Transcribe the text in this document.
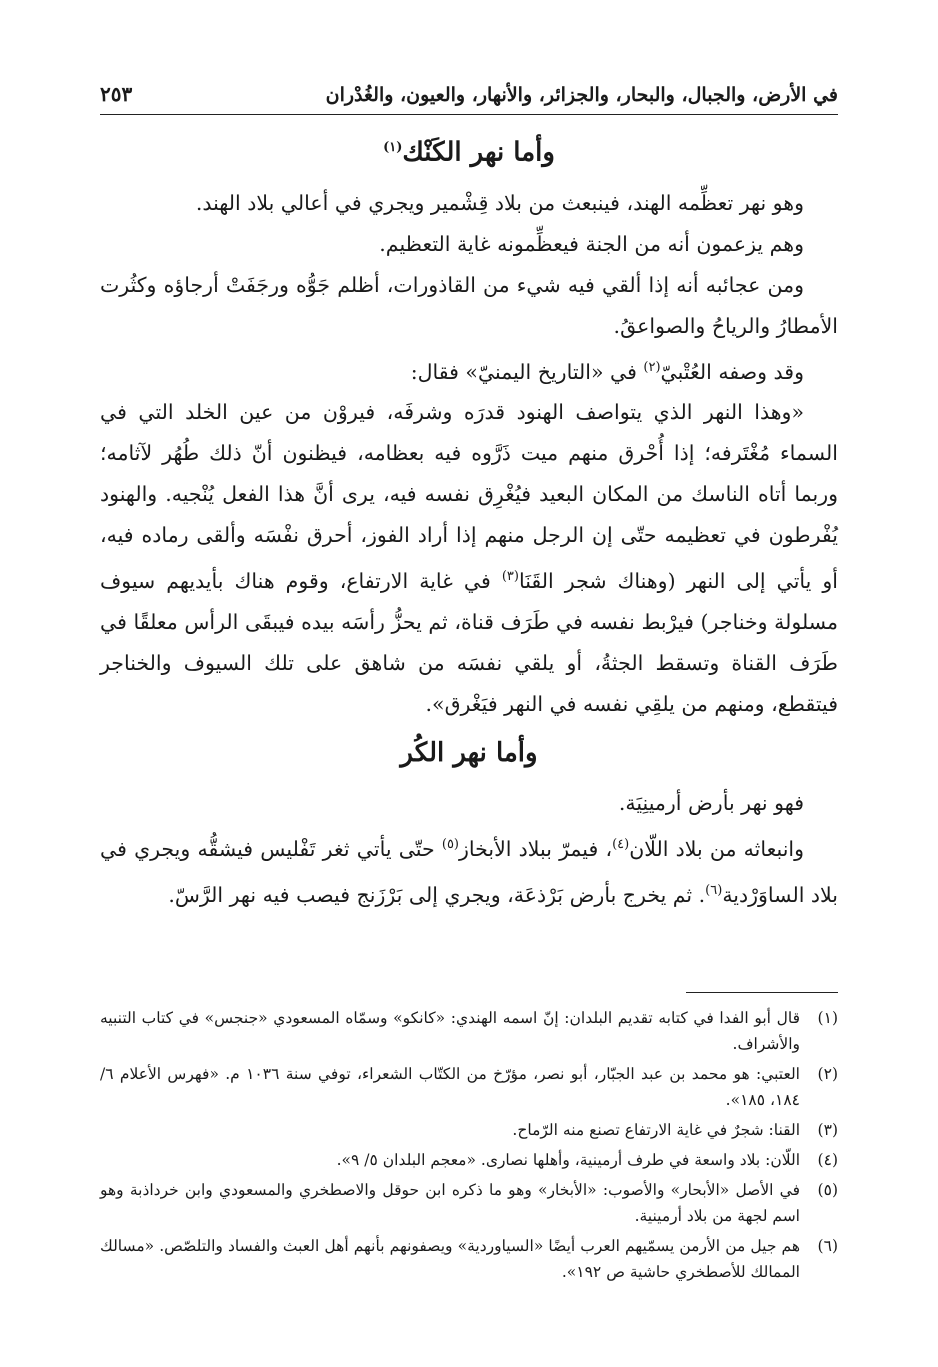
في الأرض، والجبال، والبحار، والجزائر، والأنهار، والعيون، والغُدْران
٢٥٣
وأما نهر الكَنْك$^{(١)}$

وهو نهر تعظِّمه الهند، فينبعث من بلاد قِشْمير ويجري في أعالي بلاد الهند.

وهم يزعمون أنه من الجنة فيعظِّمونه غاية التعظيم.

ومن عجائبه أنه إذا ألقي فيه شيء من القاذورات، أظلم جَوُّه ورجَفَتْ أرجاؤه وكثُرت الأمطارُ والرياحُ والصواعقُ.

وقد وصفه العُتْبيّ$^{(٢)}$ في «التاريخ اليمنيّ» فقال:

«وهذا النهر الذي يتواصف الهنود قدرَه وشرفَه، فيروْن من عين الخلد التي في السماء مُغْتَرفه؛ إذا أُحْرق منهم ميت ذَرَّوه فيه بعظامه، فيظنون أنّ ذلك طُهُر لآثامه؛ وربما أتاه الناسك من المكان البعيد فيُغْرِق نفسه فيه، يرى أنَّ هذا الفعل يُنْجيه. والهنود يُفْرطون في تعظيمه حتّى إن الرجل منهم إذا أراد الفوز، أحرق نفْسَه وألقى رماده فيه، أو يأتي إلى النهر (وهناك شجر القَنَا$^{(٣)}$ في غاية الارتفاع، وقوم هناك بأيديهم سيوف مسلولة وخناجر) فيرْبط نفسه في طَرَف قناة، ثم يحزُّ رأسَه بيده فيبقَى الرأس معلقًا في طَرَف القناة وتسقط الجثةُ، أو يلقي نفسَه من شاهق على تلك السيوف والخناجر فيتقطع، ومنهم من يلقِي نفسه في النهر فيَغْرق».

وأما نهر الكُر

فهو نهر بأرض أرمينِيَة.

وانبعاثه من بلاد اللّان$^{(٤)}$، فيمرّ ببلاد الأبخاز$^{(٥)}$ حتّى يأتي ثغر تَفْليس فيشقُّه ويجري في بلاد الساوَرْدية$^{(٦)}$. ثم يخرج بأرض بَرْذعَة، ويجري إلى بَرْزَنج فيصب فيه نهر الرَّسّ.

(١)
قال أبو الفدا في كتابه تقديم البلدان: إنّ اسمه الهندي: «كانكو» وسمّاه المسعودي «جنجس» في كتاب التنبيه والأشراف.
(٢)
العتبي: هو محمد بن عبد الجبّار، أبو نصر، مؤرّخ من الكتّاب الشعراء، توفي سنة ١٠٣٦ م. «فهرس الأعلام ٦/ ١٨٤، ١٨٥».
(٣)
القنا: شجرٌ في غاية الارتفاع تصنع منه الرّماح.
(٤)
اللّان: بلاد واسعة في طرف أرمينية، وأهلها نصارى. «معجم البلدان ٥/ ٩».
(٥)
في الأصل «الأبحار» والأصوب: «الأبخار» وهو ما ذكره ابن حوقل والاصطخري والمسعودي وابن خرداذبة وهو اسم لجهة من بلاد أرمينية.
(٦)
هم جيل من الأرمن يسمّيهم العرب أيضًا «السياوردية» ويصفونهم بأنهم أهل العبث والفساد والتلصّص. «مسالك الممالك للأصطخري حاشية ص ١٩٢».
